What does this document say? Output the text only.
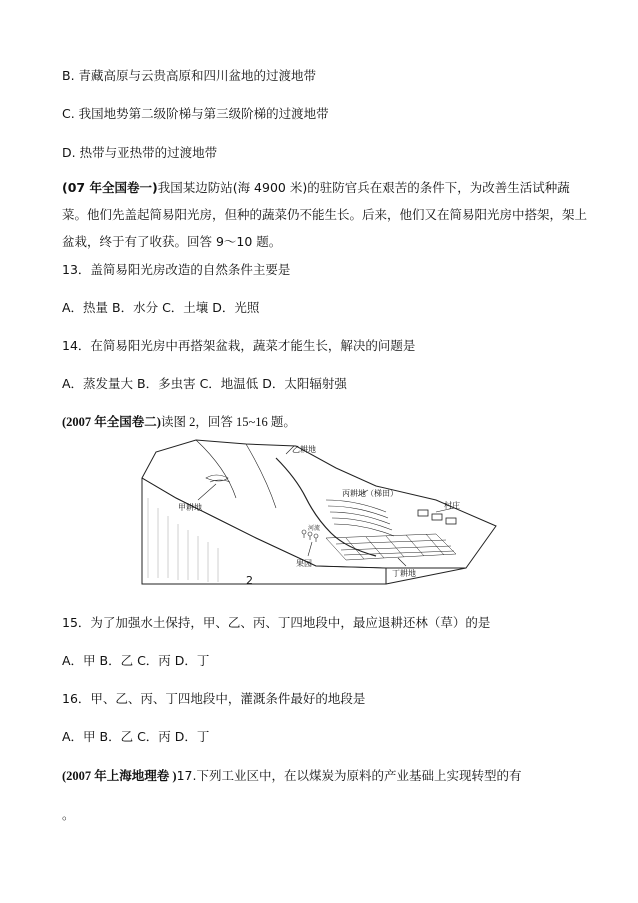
B. 青藏高原与云贵高原和四川盆地的过渡地带
C. 我国地势第二级阶梯与第三级阶梯的过渡地带
D. 热带与亚热带的过渡地带
(07 年全国卷一)我国某边防站(海 4900 米)的驻防官兵在艰苦的条件下，为改善生活试种蔬菜。他们先盖起简易阳光房，但种的蔬菜仍不能生长。后来，他们又在简易阳光房中搭架，架上盆栽，终于有了收获。回答 9～10 题。
13．盖简易阳光房改造的自然条件主要是
A．热量 B．水分 C．土壤 D．光照
14．在简易阳光房中再搭架盆栽，蔬菜才能生长，解决的问题是
A．蒸发量大 B．多虫害 C．地温低 D．太阳辐射强
(2007 年全国卷二)读图 2，回答 15~16 题。
乙耕地
甲耕地
丙耕地（梯田）
村庄
果园
丁耕地
河流
2
15．为了加强水土保持，甲、乙、丙、丁四地段中，最应退耕还林（草）的是
A．甲 B．乙 C．丙 D．丁
16．甲、乙、丙、丁四地段中，灌溉条件最好的地段是
A．甲 B．乙 C．丙 D．丁
(2007 年上海地理卷 )17.下列工业区中，在以煤炭为原料的产业基础上实现转型的有
。
